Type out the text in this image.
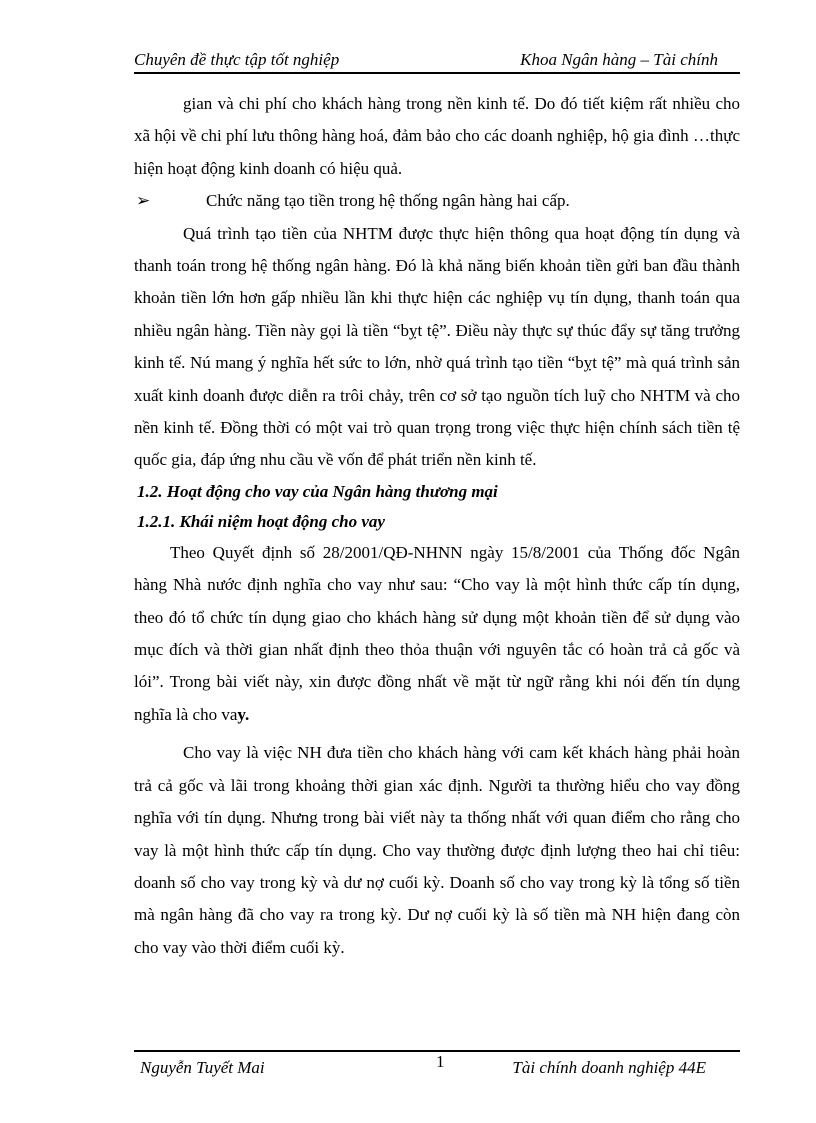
Chuyên đề thực tập tốt nghiệp	Khoa Ngân hàng – Tài chính

gian và chi phí cho khách hàng trong nền kinh tế. Do đó tiết kiệm rất nhiều cho xã hội về chi phí lưu thông hàng hoá, đảm bảo cho các doanh nghiệp, hộ gia đình …thực hiện hoạt động kinh doanh có hiệu quả.

➢	Chức năng tạo tiền trong hệ thống ngân hàng hai cấp.

Quá trình tạo tiền của NHTM được thực hiện thông qua hoạt động tín dụng và thanh toán trong hệ thống ngân hàng. Đó là khả năng biến khoản tiền gửi ban đầu thành khoản tiền lớn hơn gấp nhiều lần khi thực hiện các nghiệp vụ tín dụng, thanh toán qua nhiều ngân hàng. Tiền này gọi là tiền “bỵt tệ”. Điều này thực sự thúc đẩy sự tăng trưởng kinh tế. Nú mang ý nghĩa hết sức to lớn, nhờ quá trình tạo tiền “bỵt tệ” mà quá trình sản xuất kinh doanh được diễn ra trôi chảy, trên cơ sở tạo nguồn tích luỹ cho NHTM và cho nền kinh tế. Đồng thời có một vai trò quan trọng trong việc thực hiện chính sách tiền tệ quốc gia, đáp ứng nhu cầu về vốn để phát triển nền kinh tế.

1.2. Hoạt động cho vay của Ngân hàng thương mại
1.2.1. Khái niệm hoạt động cho vay

Theo Quyết định số 28/2001/QĐ-NHNN ngày 15/8/2001 của Thống đốc Ngân hàng Nhà nước định nghĩa cho vay như sau: “Cho vay là một hình thức cấp tín dụng, theo đó tổ chức tín dụng giao cho khách hàng sử dụng một khoản tiền để sử dụng vào mục đích và thời gian nhất định theo thỏa thuận với nguyên tắc có hoàn trả cả gốc và lói”. Trong bài viết này, xin được đồng nhất về mặt từ ngữ rằng khi nói đến tín dụng nghĩa là cho vay.

Cho vay là việc NH đưa tiền cho khách hàng với cam kết khách hàng phải hoàn trả cả gốc và lãi trong khoảng thời gian xác định. Người ta thường hiểu cho vay đồng nghĩa với tín dụng. Nhưng trong bài viết này ta thống nhất với quan điểm cho rằng cho vay là một hình thức cấp tín dụng. Cho vay thường được định lượng theo hai chỉ tiêu: doanh số cho vay trong kỳ và dư nợ cuối kỳ. Doanh số cho vay trong kỳ là tổng số tiền mà ngân hàng đã cho vay ra trong kỳ. Dư nợ cuối kỳ là số tiền mà NH hiện đang còn cho vay vào thời điểm cuối kỳ.

Nguyễn Tuyết Mai	1	Tài chính doanh nghiệp 44E
